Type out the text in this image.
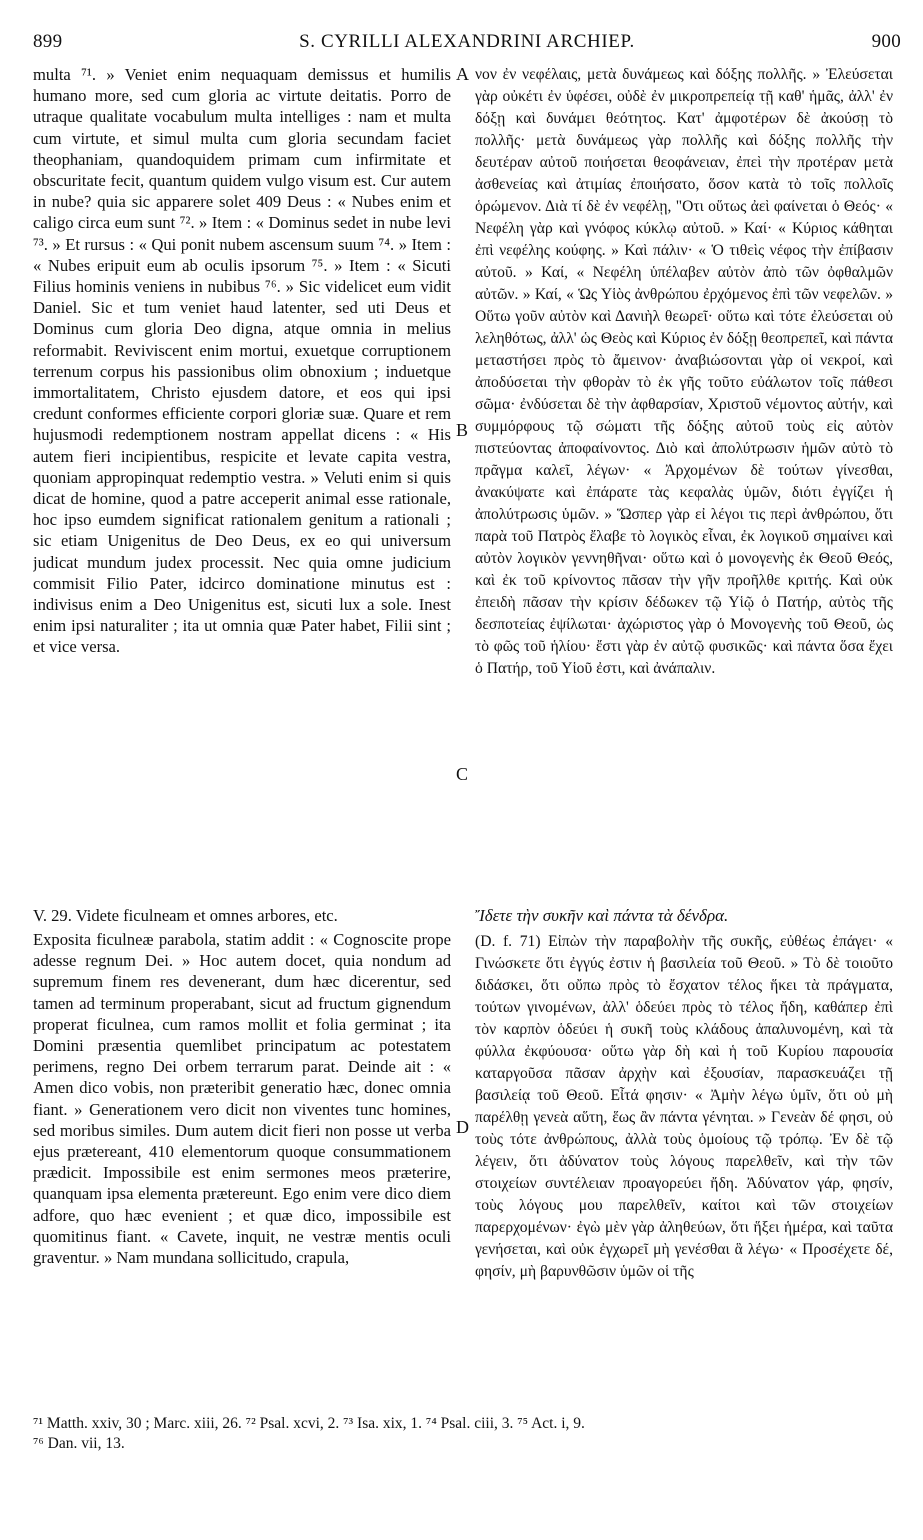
899	S. CYRILLI ALEXANDRINI ARCHIEP.	900

multa ⁷¹. » Veniet enim nequaquam demissus et humilis humano more, sed cum gloria ac virtute deitatis. Porro de utraque qualitate vocabulum multa intelliges : nam et multa cum virtute, et simul multa cum gloria secundam faciet theophaniam, quandoquidem primam cum infirmitate et obscuritate fecit, quantum quidem vulgo visum est. Cur autem in nube? quia sic apparere solet 409 Deus : « Nubes enim et caligo circa eum sunt ⁷². » Item : « Dominus sedet in nube levi ⁷³. » Et rursus : « Qui ponit nubem ascensum suum ⁷⁴. » Item : « Nubes eripuit eum ab oculis ipsorum ⁷⁵. » Item : « Sicuti Filius hominis veniens in nubibus ⁷⁶. » Sic videlicet eum vidit Daniel. Sic et tum veniet haud latenter, sed uti Deus et Dominus cum gloria Deo digna, atque omnia in melius reformabit. Reviviscent enim mortui, exuetque corruptionem terrenum corpus his passionibus olim obnoxium ; induetque immortalitatem, Christo ejusdem datore, et eos qui ipsi credunt conformes efficiente corpori gloriæ suæ. Quare et rem hujusmodi redemptionem nostram appellat dicens : « His autem fieri incipientibus, respicite et levate capita vestra, quoniam appropinquat redemptio vestra. » Veluti enim si quis dicat de homine, quod a patre acceperit animal esse rationale, hoc ipso eumdem significat rationalem genitum a rationali ; sic etiam Unigenitus de Deo Deus, ex eo qui universum judicat mundum judex processit. Nec quia omne judicium commisit Filio Pater, idcirco dominatione minutus est : indivisus enim a Deo Unigenitus est, sicuti lux a sole. Inest enim ipsi naturaliter ; ita ut omnia quæ Pater habet, Filii sint ; et vice versa.

νον ἐν νεφέλαις, μετὰ δυνάμεως καὶ δόξης πολλῆς. » Ἐλεύσεται γὰρ οὐκέτι ἐν ὑφέσει, οὐδὲ ἐν μικροπρεπείᾳ τῇ καθ' ἡμᾶς, ἀλλ' ἐν δόξῃ καὶ δυνάμει θεότητος. Κατ' ἀμφοτέρων δὲ ἀκούσῃ τὸ πολλῆς· μετὰ δυνάμεως γὰρ πολλῆς καὶ δόξης πολλῆς τὴν δευτέραν αὐτοῦ ποιήσεται θεοφάνειαν, ἐπεὶ τὴν προτέραν μετὰ ἀσθενείας καὶ ἀτιμίας ἐποιήσατο, ὅσον κατὰ τὸ τοῖς πολλοῖς ὁρώμενον. Διὰ τί δὲ ἐν νεφέλῃ, "Οτι οὕτως ἀεὶ φαίνεται ὁ Θεός· « Νεφέλη γὰρ καὶ γνόφος κύκλῳ αὐτοῦ. » Καί· « Κύριος κάθηται ἐπὶ νεφέλης κούφης. » Καὶ πάλιν· « Ὁ τιθεὶς νέφος τὴν ἐπίβασιν αὐτοῦ. » Καί, « Νεφέλη ὑπέλαβεν αὐτὸν ἀπὸ τῶν ὀφθαλμῶν αὐτῶν. » Καί, « Ὡς Υἱὸς ἀνθρώπου ἐρχόμενος ἐπὶ τῶν νεφελῶν. » Οὕτω γοῦν αὐτὸν καὶ Δανιὴλ θεωρεῖ· οὕτω καὶ τότε ἐλεύσεται οὐ λεληθότως, ἀλλ' ὡς Θεὸς καὶ Κύριος ἐν δόξῃ θεοπρεπεῖ, καὶ πάντα μεταστήσει πρὸς τὸ ἄμεινον· ἀναβιώσονται γὰρ οἱ νεκροί, καὶ ἀποδύσεται τὴν φθορὰν τὸ ἐκ γῆς τοῦτο εὐάλωτον τοῖς πάθεσι σῶμα· ἐνδύσεται δὲ τὴν ἀφθαρσίαν, Χριστοῦ νέμοντος αὐτήν, καὶ συμμόρφους τῷ σώματι τῆς δόξης αὐτοῦ τοὺς εἰς αὐτὸν πιστεύοντας ἀποφαίνοντος. Διὸ καὶ ἀπολύτρωσιν ἡμῶν αὐτὸ τὸ πρᾶγμα καλεῖ, λέγων· « Ἀρχομένων δὲ τούτων γίνεσθαι, ἀνακύψατε καὶ ἐπάρατε τὰς κεφαλὰς ὑμῶν, διότι ἐγγίζει ἡ ἀπολύτρωσις ὑμῶν. » Ὥσπερ γὰρ εἰ λέγοι τις περὶ ἀνθρώπου, ὅτι παρὰ τοῦ Πατρὸς ἔλαβε τὸ λογικὸς εἶναι, ἐκ λογικοῦ σημαίνει καὶ αὐτὸν λογικὸν γεννηθῆναι· οὕτω καὶ ὁ μονογενὴς ἐκ Θεοῦ Θεός, καὶ ἐκ τοῦ κρίνοντος πᾶσαν τὴν γῆν προῆλθε κριτής. Καὶ οὐκ ἐπειδὴ πᾶσαν τὴν κρίσιν δέδωκεν τῷ Υἱῷ ὁ Πατήρ, αὐτὸς τῆς δεσποτείας ἐψίλωται· ἀχώριστος γὰρ ὁ Μονογενὴς τοῦ Θεοῦ, ὡς τὸ φῶς τοῦ ἡλίου· ἔστι γὰρ ἐν αὐτῷ φυσικῶς· καὶ πάντα ὅσα ἔχει ὁ Πατήρ, τοῦ Υἱοῦ ἐστι, καὶ ἀνάπαλιν.

A
B
C
D
V. 29. Videte ficulneam et omnes arbores, etc.	Ἴδετε τὴν συκῆν καὶ πάντα τὰ δένδρα.

Exposita ficulneæ parabola, statim addit : « Cognoscite prope adesse regnum Dei. » Hoc autem docet, quia nondum ad supremum finem res devenerant, dum hæc dicerentur, sed tamen ad terminum properabant, sicut ad fructum gignendum properat ficulnea, cum ramos mollit et folia germinat ; ita Domini præsentia quemlibet principatum ac potestatem perimens, regno Dei orbem terrarum parat. Deinde ait : « Amen dico vobis, non præteribit generatio hæc, donec omnia fiant. » Generationem vero dicit non viventes tunc homines, sed moribus similes. Dum autem dicit fieri non posse ut verba ejus prætereant, 410 elementorum quoque consummationem prædicit. Impossibile est enim sermones meos præterire, quanquam ipsa elementa prætereunt. Ego enim vere dico diem adfore, quo hæc evenient ; et quæ dico, impossibile est quomitinus fiant. « Cavete, inquit, ne vestræ mentis oculi graventur. » Nam mundana sollicitudo, crapula,

(D. f. 71) Εἰπὼν τὴν παραβολὴν τῆς συκῆς, εὐθέως ἐπάγει· « Γινώσκετε ὅτι ἐγγύς ἐστιν ἡ βασιλεία τοῦ Θεοῦ. » Τὸ δὲ τοιοῦτο διδάσκει, ὅτι οὔπω πρὸς τὸ ἔσχατον τέλος ἥκει τὰ πράγματα, τούτων γινομένων, ἀλλ' ὁδεύει πρὸς τὸ τέλος ἤδη, καθάπερ ἐπὶ τὸν καρπὸν ὁδεύει ἡ συκῆ τοὺς κλάδους ἀπαλυνομένη, καὶ τὰ φύλλα ἐκφύουσα· οὕτω γὰρ δὴ καὶ ἡ τοῦ Κυρίου παρουσία καταργοῦσα πᾶσαν ἀρχὴν καὶ ἐξουσίαν, παρασκευάζει τῇ βασιλείᾳ τοῦ Θεοῦ. Εἶτά φησιν· « Ἀμὴν λέγω ὑμῖν, ὅτι οὐ μὴ παρέλθῃ γενεὰ αὕτη, ἕως ἂν πάντα γένηται. » Γενεὰν δέ φησι, οὐ τοὺς τότε ἀνθρώπους, ἀλλὰ τοὺς ὁμοίους τῷ τρόπῳ. Ἐν δὲ τῷ λέγειν, ὅτι ἀδύνατον τοὺς λόγους παρελθεῖν, καὶ τὴν τῶν στοιχείων συντέλειαν προαγορεύει ἤδη. Ἀδύνατον γάρ, φησίν, τοὺς λόγους μου παρελθεῖν, καίτοι καὶ τῶν στοιχείων παρερχομένων· ἐγὼ μὲν γὰρ ἀληθεύων, ὅτι ἥξει ἡμέρα, καὶ ταῦτα γενήσεται, καὶ οὐκ ἐγχωρεῖ μὴ γενέσθαι ἃ λέγω· « Προσέχετε δέ, φησίν, μὴ βαρυνθῶσιν ὑμῶν οἱ τῆς

⁷¹ Matth. xxiv, 30 ; Marc. xiii, 26. ⁷² Psal. xcvi, 2. ⁷³ Isa. xix, 1. ⁷⁴ Psal. ciii, 3. ⁷⁵ Act. i, 9.

⁷⁶ Dan. vii, 13.
